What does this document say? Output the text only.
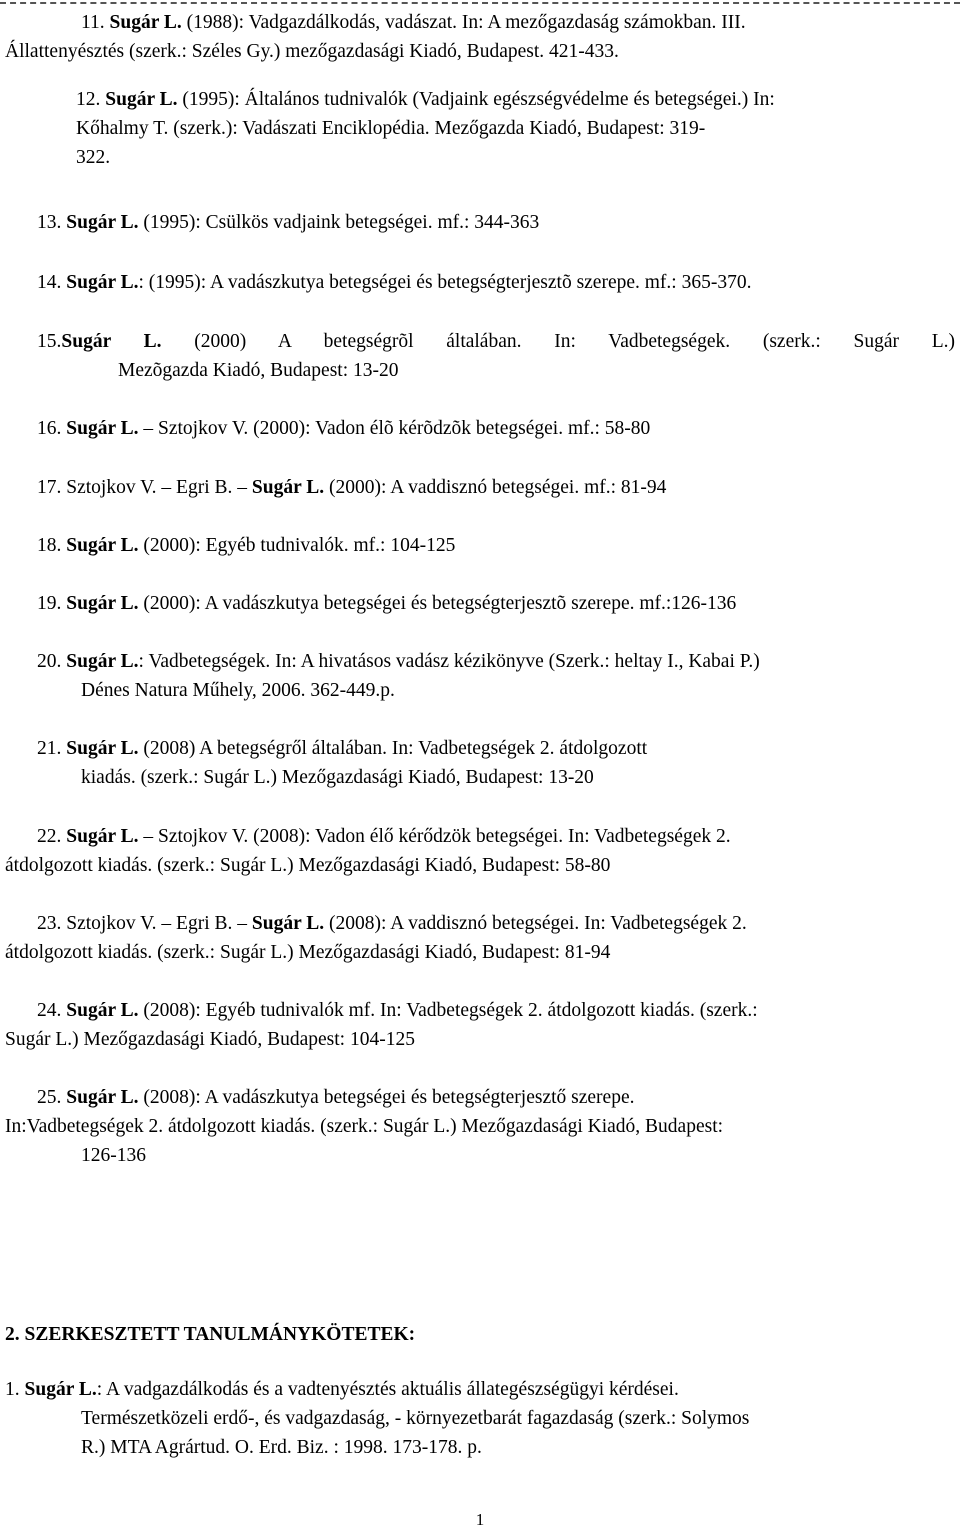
11. Sugár L. (1988): Vadgazdálkodás, vadászat. In: A mezőgazdaság számokban. III.

Állattenyésztés (szerk.: Széles Gy.) mezőgazdasági Kiadó, Budapest. 421-433.

12. Sugár L. (1995): Általános tudnivalók (Vadjaink egészségvédelme és betegségei.) In:

Kőhalmy T. (szerk.): Vadászati Enciklopédia. Mezőgazda Kiadó, Budapest: 319-

322.

13. Sugár L. (1995): Csülkös vadjaink betegségei. mf.: 344-363

14. Sugár L.: (1995): A vadászkutya betegségei és betegségterjesztõ szerepe. mf.: 365-370.

15.Sugár L. (2000) A betegségrõl általában. In: Vadbetegségek. (szerk.: Sugár L.)

Mezõgazda Kiadó, Budapest: 13-20

16. Sugár L. – Sztojkov V. (2000): Vadon élõ kérõdzõk betegségei. mf.: 58-80

17. Sztojkov V. – Egri B. – Sugár L. (2000): A vaddisznó betegségei. mf.: 81-94

18. Sugár L. (2000): Egyéb tudnivalók. mf.: 104-125

19. Sugár L. (2000): A vadászkutya betegségei és betegségterjesztõ szerepe. mf.:126-136

20. Sugár L.: Vadbetegségek. In: A hivatásos vadász kézikönyve (Szerk.: heltay I., Kabai P.)

Dénes Natura Műhely, 2006. 362-449.p.

21. Sugár L. (2008) A betegségről általában. In: Vadbetegségek 2. átdolgozott

kiadás. (szerk.: Sugár L.) Mezőgazdasági Kiadó, Budapest: 13-20

22. Sugár L. – Sztojkov V. (2008): Vadon élő kérődzök betegségei. In: Vadbetegségek 2.

átdolgozott kiadás. (szerk.: Sugár L.) Mezőgazdasági Kiadó, Budapest: 58-80

23. Sztojkov V. – Egri B. – Sugár L. (2008): A vaddisznó betegségei. In: Vadbetegségek 2.

átdolgozott kiadás. (szerk.: Sugár L.) Mezőgazdasági Kiadó, Budapest: 81-94

24. Sugár L. (2008): Egyéb tudnivalók mf. In: Vadbetegségek 2. átdolgozott kiadás. (szerk.:

Sugár L.) Mezőgazdasági Kiadó, Budapest: 104-125

25. Sugár L. (2008): A vadászkutya betegségei és betegségterjesztő szerepe.

In:Vadbetegségek 2. átdolgozott kiadás. (szerk.: Sugár L.) Mezőgazdasági Kiadó, Budapest:

126-136

2. SZERKESZTETT TANULMÁNYKÖTETEK:

1. Sugár L.: A vadgazdálkodás és a vadtenyésztés aktuális állategészségügyi kérdései.

Természetközeli erdő-, és vadgazdaság, - környezetbarát fagazdaság (szerk.: Solymos

R.) MTA Agrártud. O. Erd. Biz. : 1998. 173-178. p.

1
